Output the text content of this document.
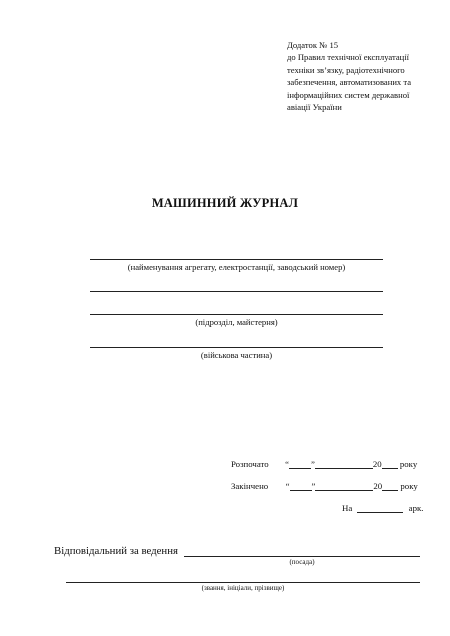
Додаток № 15
до Правил технічної експлуатації
техніки зв’язку, радіотехнічного
забезпечення, автоматизованих та
інформаційних систем державної
авіації України
МАШИННИЙ ЖУРНАЛ
(найменування агрегату, електростанції, заводський номер)
(підрозділ, майстерня)
(військова частина)
Розпочато “	”	20 року
Закінчено “	”	20 року
На	арк.
Відповідальний за ведення
(посада)
(звання, ініціали, прізвище)
